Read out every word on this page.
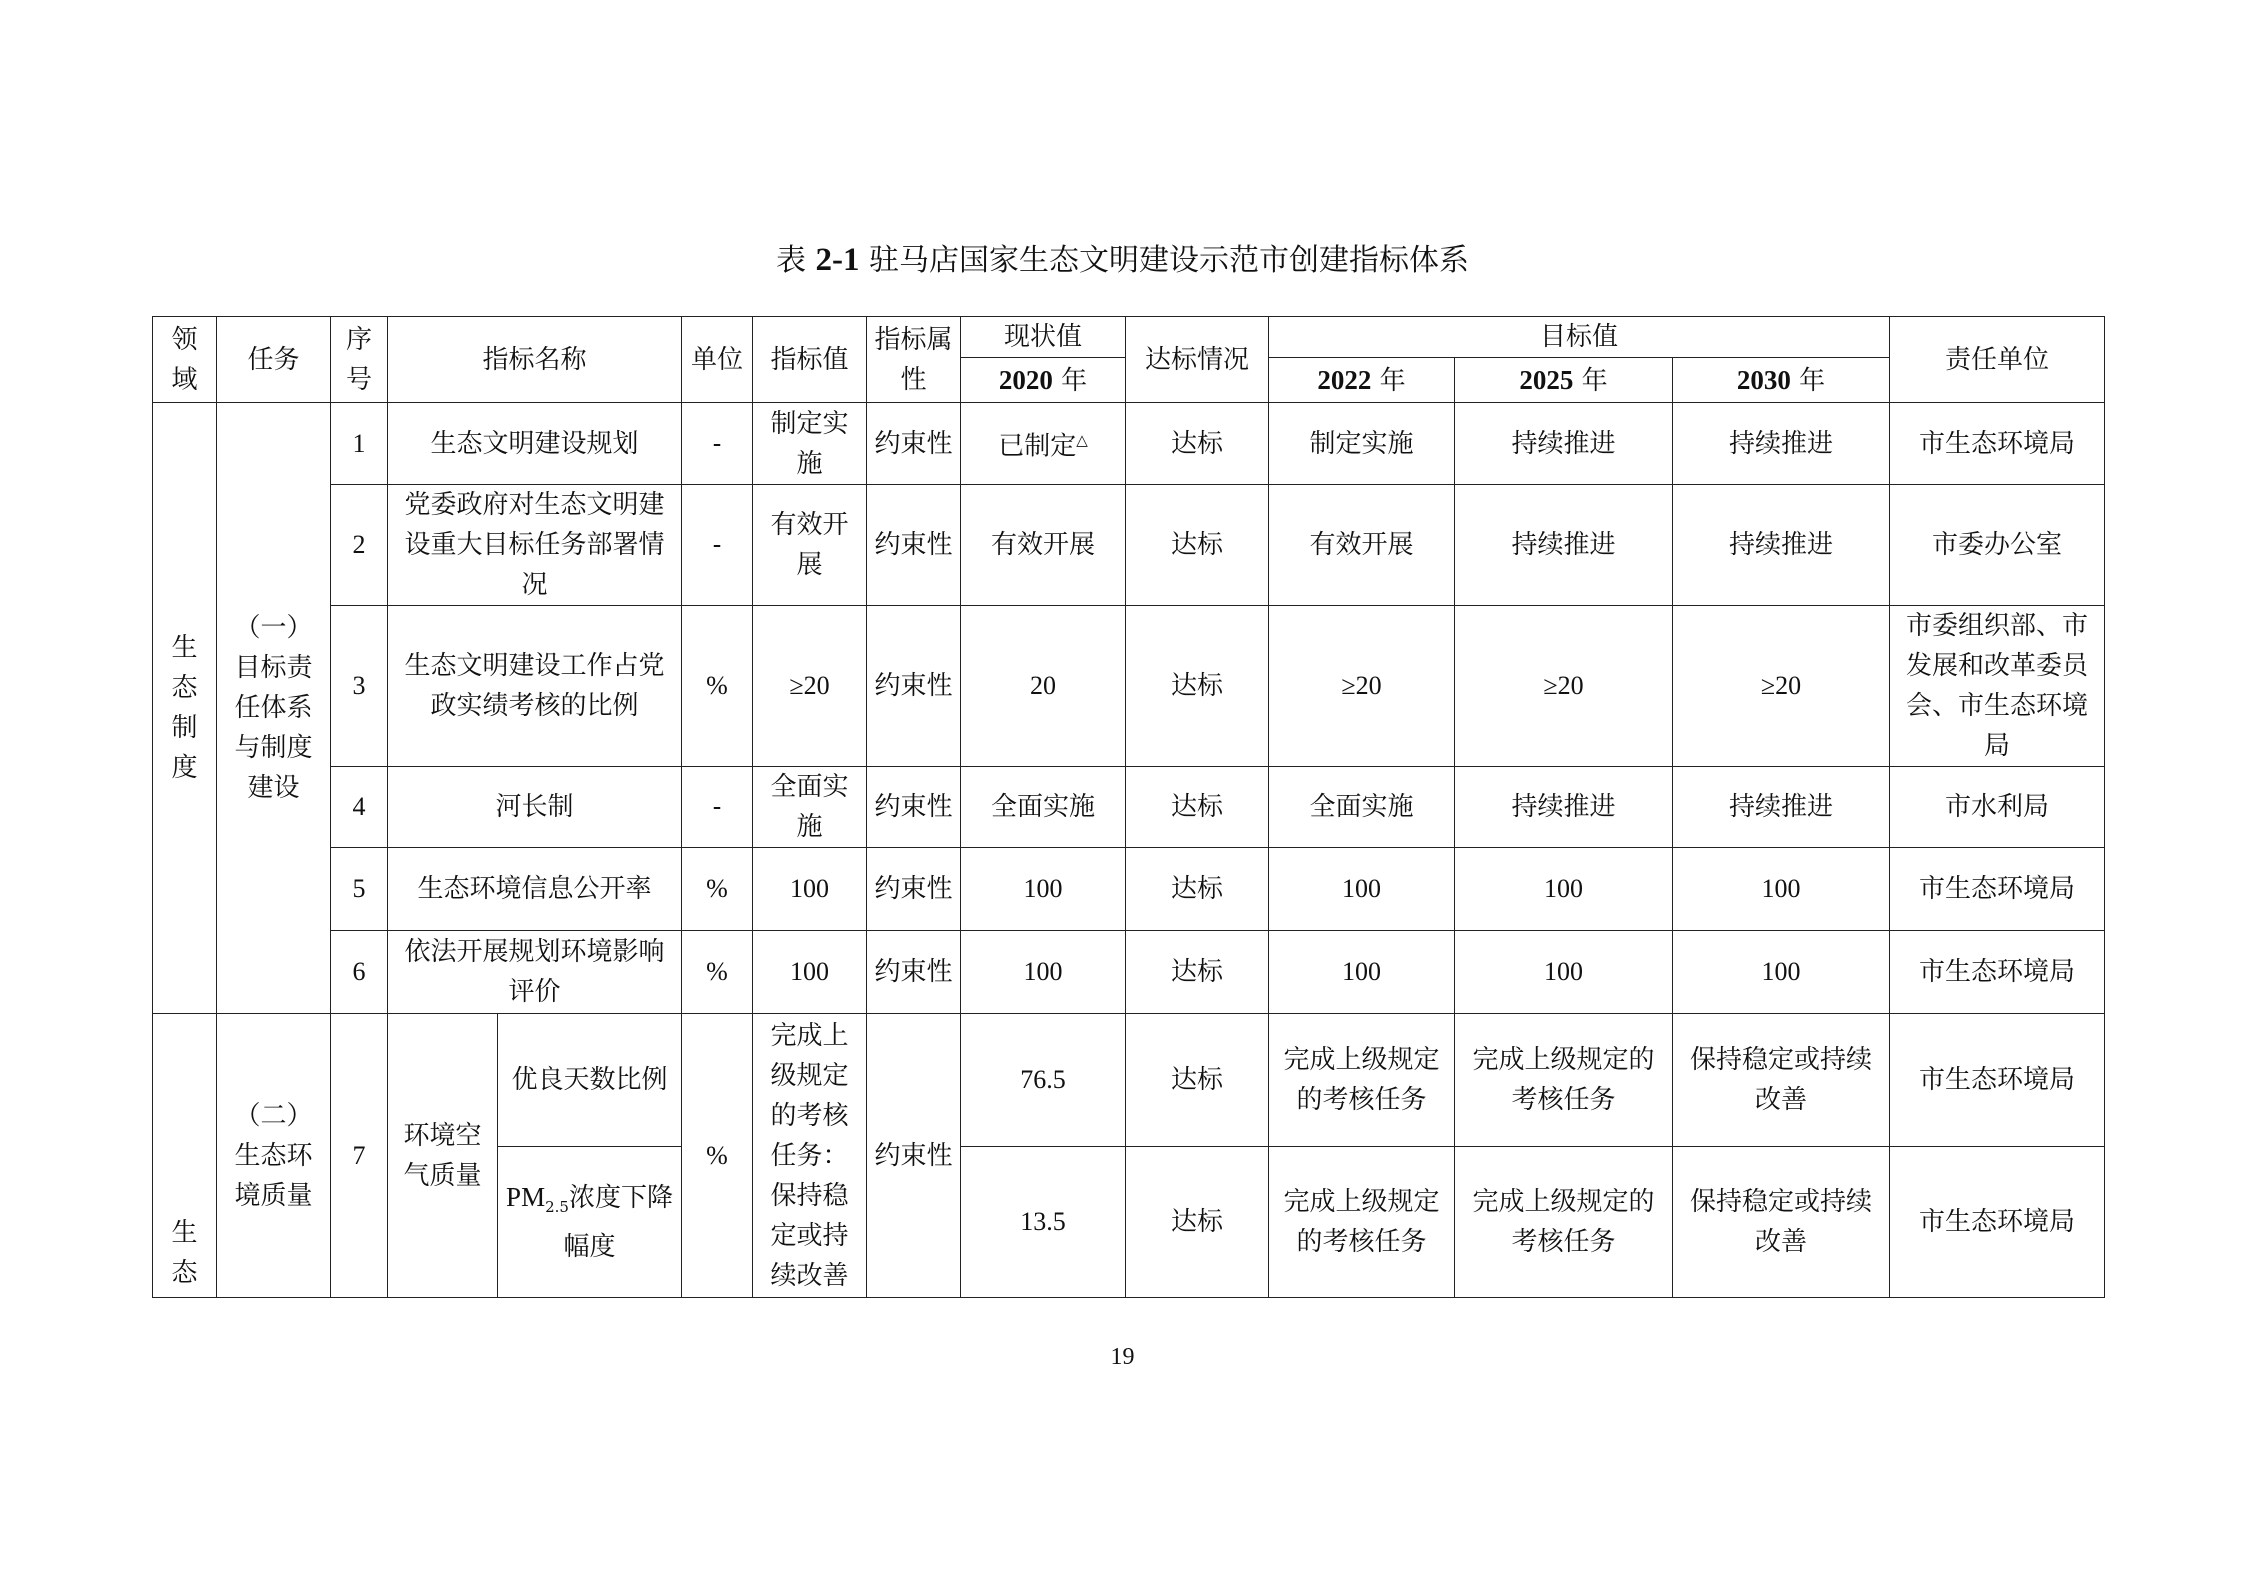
表 2-1 驻马店国家生态文明建设示范市创建指标体系
领域	任务	序号	指标名称		单位	指标值	指标属性	现状值	达标情况	目标值			责任单位
								2020 年		2022 年	2025 年	2030 年	
生态制度	（一）目标责任体系与制度建设	1	生态文明建设规划		-	制定实施	约束性	已制定△	达标	制定实施	持续推进	持续推进	市生态环境局
		2	党委政府对生态文明建设重大目标任务部署情况		-	有效开展	约束性	有效开展	达标	有效开展	持续推进	持续推进	市委办公室
		3	生态文明建设工作占党政实绩考核的比例		%	≥20	约束性	20	达标	≥20	≥20	≥20	市委组织部、市发展和改革委员会、市生态环境局
		4	河长制		-	全面实施	约束性	全面实施	达标	全面实施	持续推进	持续推进	市水利局
		5	生态环境信息公开率		%	100	约束性	100	达标	100	100	100	市生态环境局
		6	依法开展规划环境影响评价		%	100	约束性	100	达标	100	100	100	市生态环境局
生态	（二）生态环境质量	7	环境空气质量	优良天数比例	%	完成上级规定的考核任务：保持稳定或持续改善	约束性	76.5	达标	完成上级规定的考核任务	完成上级规定的考核任务	保持稳定或持续改善	市生态环境局
				$PM_{2.5}$浓度下降幅度				13.5	达标	完成上级规定的考核任务	完成上级规定的考核任务	保持稳定或持续改善	市生态环境局
19
